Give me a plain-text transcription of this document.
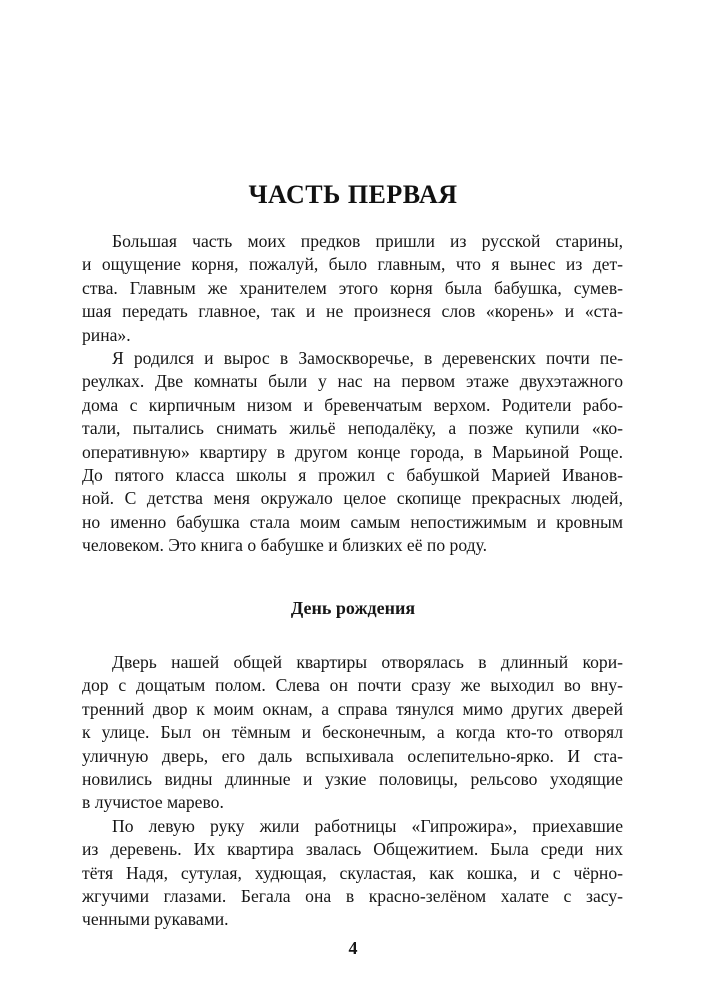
ЧАСТЬ ПЕРВАЯ
Большая часть моих предков пришли из русской старины,
и ощущение корня, пожалуй, было главным, что я вынес из дет-
ства. Главным же хранителем этого корня была бабушка, сумев-
шая передать главное, так и не произнеся слов «корень» и «ста-
рина».
Я родился и вырос в Замоскворечье, в деревенских почти пе-
реулках. Две комнаты были у нас на первом этаже двухэтажного
дома с кирпичным низом и бревенчатым верхом. Родители рабо-
тали, пытались снимать жильё неподалёку, а позже купили «ко-
оперативную» квартиру в другом конце города, в Марьиной Роще.
До пятого класса школы я прожил с бабушкой Марией Иванов-
ной. С детства меня окружало целое скопище прекрасных людей,
но именно бабушка стала моим самым непостижимым и кровным
человеком. Это книга о бабушке и близких её по роду.
День рождения
Дверь нашей общей квартиры отворялась в длинный кори-
дор с дощатым полом. Слева он почти сразу же выходил во вну-
тренний двор к моим окнам, а справа тянулся мимо других дверей
к улице. Был он тёмным и бесконечным, а когда кто-то отворял
уличную дверь, его даль вспыхивала ослепительно-ярко. И ста-
новились видны длинные и узкие половицы, рельсово уходящие
в лучистое марево.
По левую руку жили работницы «Гипрожира», приехавшие
из деревень. Их квартира звалась Общежитием. Была среди них
тётя Надя, сутулая, худющая, скуластая, как кошка, и с чёрно-
жгучими глазами. Бегала она в красно-зелёном халате с засу-
ченными рукавами.
4
